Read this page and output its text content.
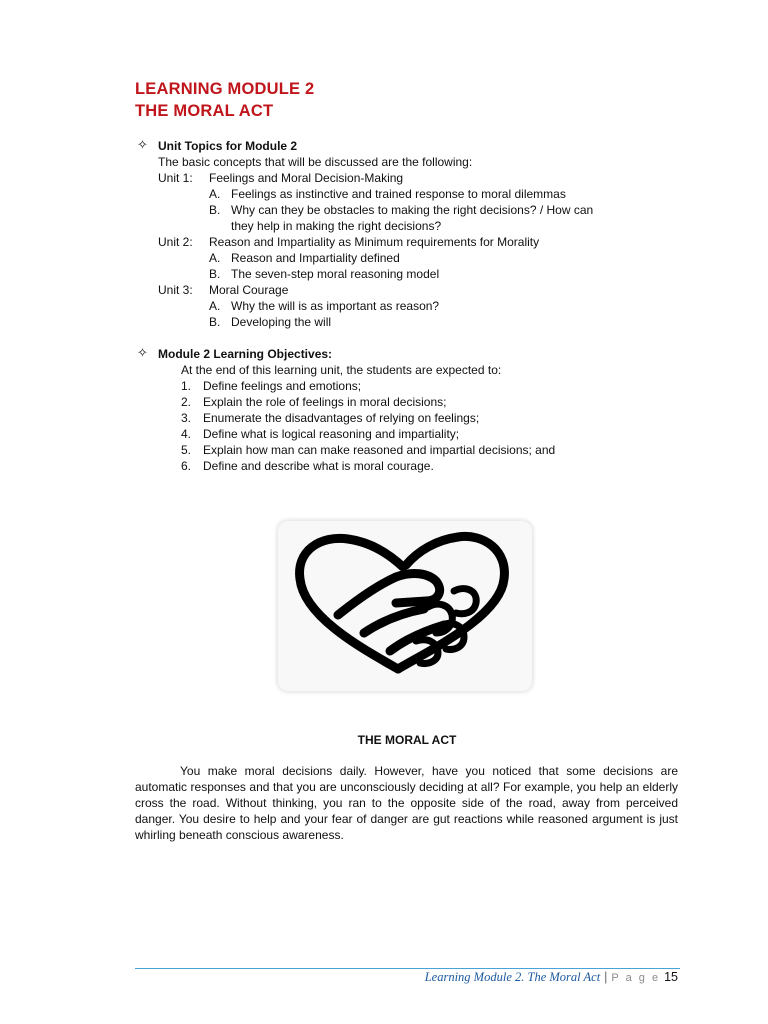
LEARNING MODULE 2
THE MORAL ACT
✧ Unit Topics for Module 2
The basic concepts that will be discussed are the following:
Unit 1: Feelings and Moral Decision-Making
A. Feelings as instinctive and trained response to moral dilemmas
B. Why can they be obstacles to making the right decisions? / How can
they help in making the right decisions?
Unit 2: Reason and Impartiality as Minimum requirements for Morality
A. Reason and Impartiality defined
B. The seven-step moral reasoning model
Unit 3: Moral Courage
A. Why the will is as important as reason?
B. Developing the will
✧ Module 2 Learning Objectives:
At the end of this learning unit, the students are expected to:
1. Define feelings and emotions;
2. Explain the role of feelings in moral decisions;
3. Enumerate the disadvantages of relying on feelings;
4. Define what is logical reasoning and impartiality;
5. Explain how man can make reasoned and impartial decisions; and
6. Define and describe what is moral courage.
THE MORAL ACT

You make moral decisions daily. However, have you noticed that some decisions are automatic responses and that you are unconsciously deciding at all? For example, you help an elderly cross the road. Without thinking, you ran to the opposite side of the road, away from perceived danger. You desire to help and your fear of danger are gut reactions while reasoned argument is just whirling beneath conscious awareness.

Learning Module 2. The Moral Act | P a g e 15
